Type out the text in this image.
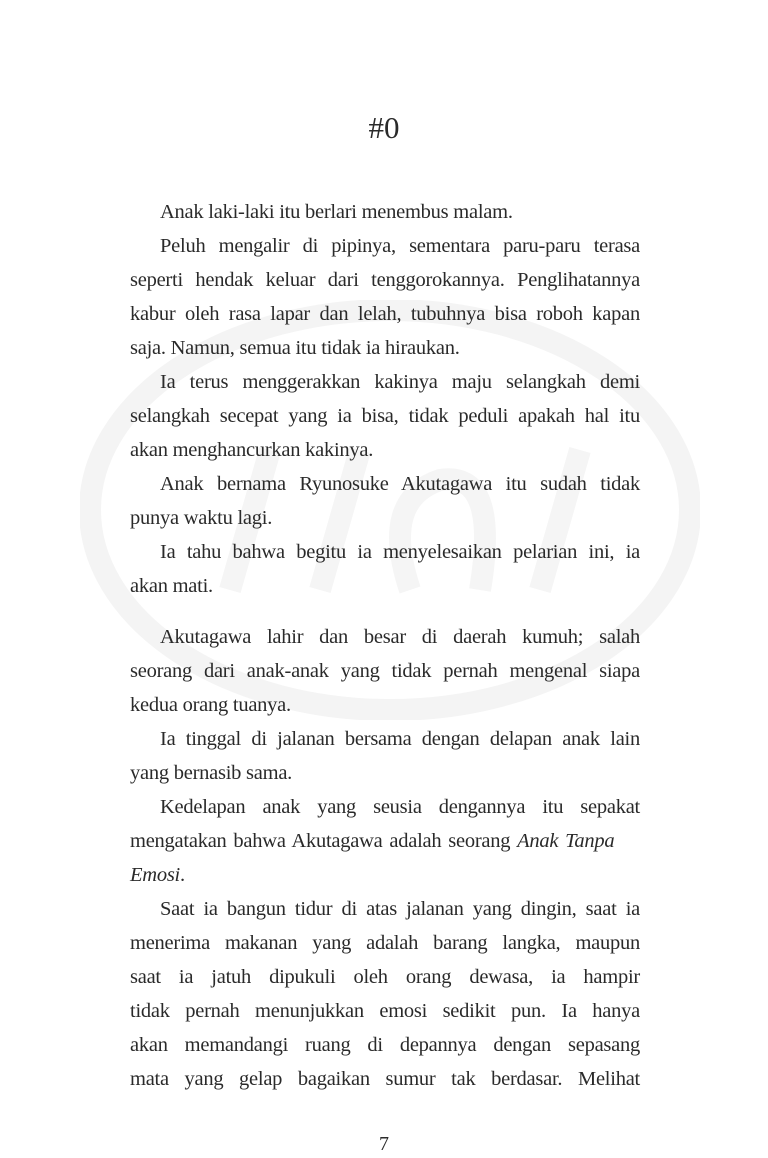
#0
Anak laki-laki itu berlari menembus malam.
Peluh mengalir di pipinya, sementara paru-paru terasa
seperti hendak keluar dari tenggorokannya. Penglihatannya
kabur oleh rasa lapar dan lelah, tubuhnya bisa roboh kapan
saja. Namun, semua itu tidak ia hiraukan.
Ia terus menggerakkan kakinya maju selangkah demi
selangkah secepat yang ia bisa, tidak peduli apakah hal itu
akan menghancurkan kakinya.
Anak bernama Ryunosuke Akutagawa itu sudah tidak
punya waktu lagi.
Ia tahu bahwa begitu ia menyelesaikan pelarian ini, ia
akan mati.
Akutagawa lahir dan besar di daerah kumuh; salah
seorang dari anak-anak yang tidak pernah mengenal siapa
kedua orang tuanya.
Ia tinggal di jalanan bersama dengan delapan anak lain
yang bernasib sama.
Kedelapan anak yang seusia dengannya itu sepakat
mengatakan bahwa Akutagawa adalah seorang Anak Tanpa
Emosi.
Saat ia bangun tidur di atas jalanan yang dingin, saat ia
menerima makanan yang adalah barang langka, maupun
saat ia jatuh dipukuli oleh orang dewasa, ia hampir
tidak pernah menunjukkan emosi sedikit pun. Ia hanya
akan memandangi ruang di depannya dengan sepasang
mata yang gelap bagaikan sumur tak berdasar. Melihat
7
